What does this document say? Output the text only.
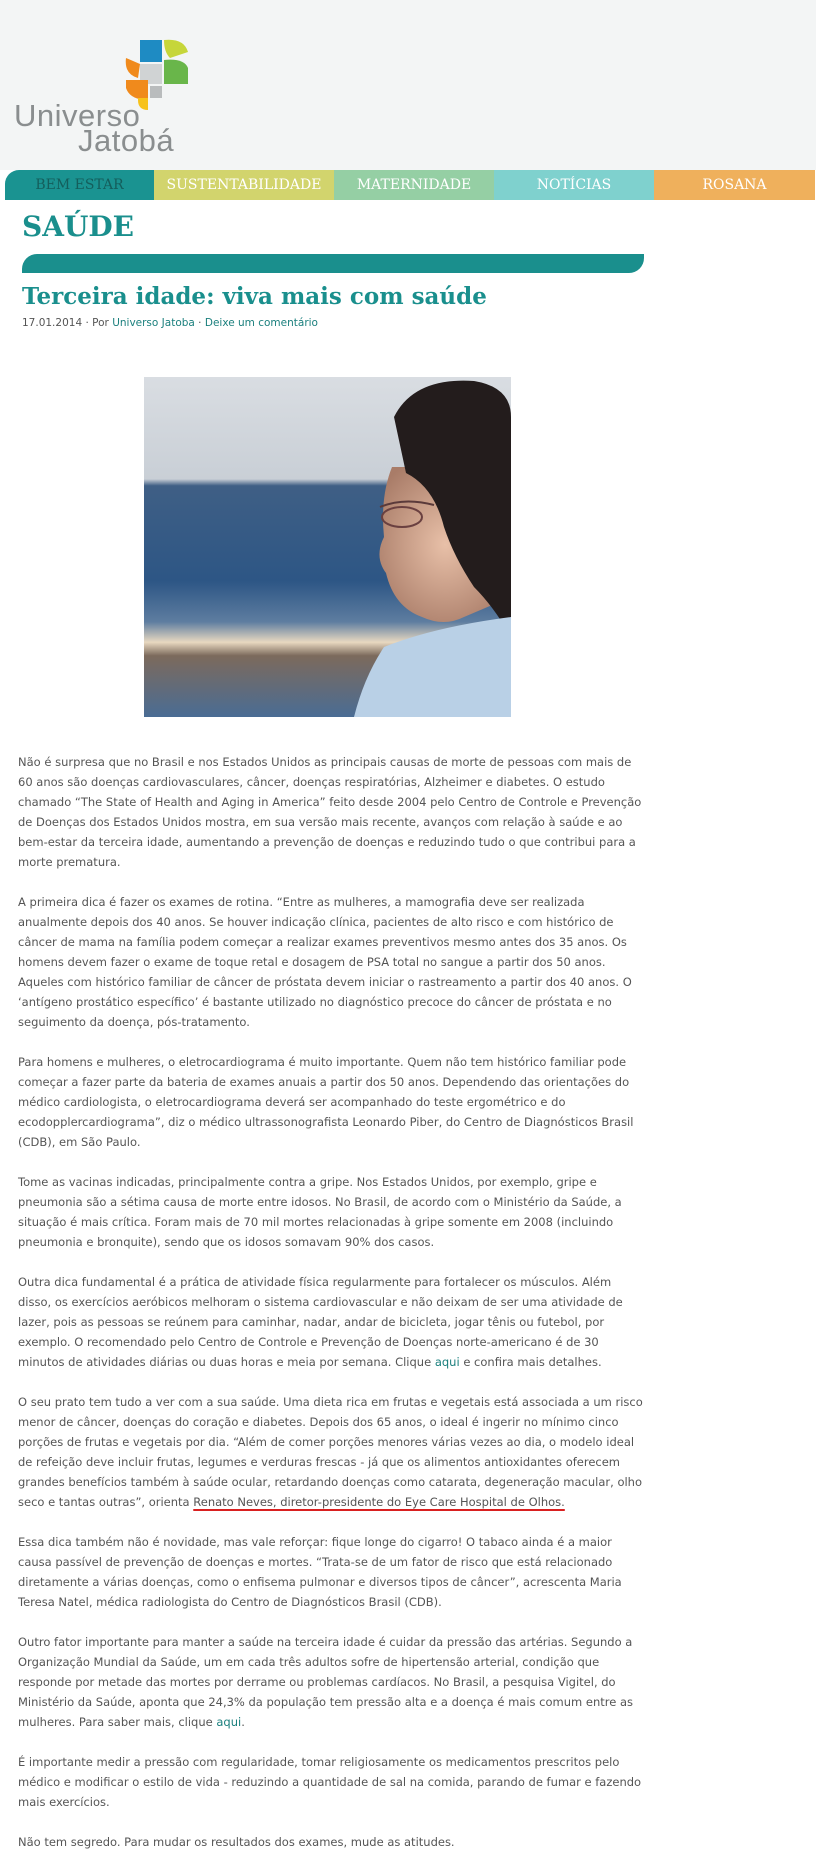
Universo
Jatobá
BEM ESTAR	SUSTENTABILIDADE	MATERNIDADE	NOTÍCIAS	ROSANA
SAÚDE
Terceira idade: viva mais com saúde
17.01.2014 · Por Universo Jatoba · Deixe um comentário

Não é surpresa que no Brasil e nos Estados Unidos as principais causas de morte de pessoas com mais de 60 anos são doenças cardiovasculares, câncer, doenças respiratórias, Alzheimer e diabetes. O estudo chamado “The State of Health and Aging in America” feito desde 2004 pelo Centro de Controle e Prevenção de Doenças dos Estados Unidos mostra, em sua versão mais recente, avanços com relação à saúde e ao bem-estar da terceira idade, aumentando a prevenção de doenças e reduzindo tudo o que contribui para a morte prematura.

A primeira dica é fazer os exames de rotina. “Entre as mulheres, a mamografia deve ser realizada anualmente depois dos 40 anos. Se houver indicação clínica, pacientes de alto risco e com histórico de câncer de mama na família podem começar a realizar exames preventivos mesmo antes dos 35 anos. Os homens devem fazer o exame de toque retal e dosagem de PSA total no sangue a partir dos 50 anos. Aqueles com histórico familiar de câncer de próstata devem iniciar o rastreamento a partir dos 40 anos. O ‘antígeno prostático específico’ é bastante utilizado no diagnóstico precoce do câncer de próstata e no seguimento da doença, pós-tratamento.

Para homens e mulheres, o eletrocardiograma é muito importante. Quem não tem histórico familiar pode começar a fazer parte da bateria de exames anuais a partir dos 50 anos. Dependendo das orientações do médico cardiologista, o eletrocardiograma deverá ser acompanhado do teste ergométrico e do ecodopplercardiograma”, diz o médico ultrassonografista Leonardo Piber, do Centro de Diagnósticos Brasil (CDB), em São Paulo.

Tome as vacinas indicadas, principalmente contra a gripe. Nos Estados Unidos, por exemplo, gripe e pneumonia são a sétima causa de morte entre idosos. No Brasil, de acordo com o Ministério da Saúde, a situação é mais crítica. Foram mais de 70 mil mortes relacionadas à gripe somente em 2008 (incluindo pneumonia e bronquite), sendo que os idosos somavam 90% dos casos.

Outra dica fundamental é a prática de atividade física regularmente para fortalecer os músculos. Além disso, os exercícios aeróbicos melhoram o sistema cardiovascular e não deixam de ser uma atividade de lazer, pois as pessoas se reúnem para caminhar, nadar, andar de bicicleta, jogar tênis ou futebol, por exemplo. O recomendado pelo Centro de Controle e Prevenção de Doenças norte-americano é de 30 minutos de atividades diárias ou duas horas e meia por semana. Clique aqui e confira mais detalhes.

O seu prato tem tudo a ver com a sua saúde. Uma dieta rica em frutas e vegetais está associada a um risco menor de câncer, doenças do coração e diabetes. Depois dos 65 anos, o ideal é ingerir no mínimo cinco porções de frutas e vegetais por dia. “Além de comer porções menores várias vezes ao dia, o modelo ideal de refeição deve incluir frutas, legumes e verduras frescas - já que os alimentos antioxidantes oferecem grandes benefícios também à saúde ocular, retardando doenças como catarata, degeneração macular, olho seco e tantas outras”, orienta Renato Neves, diretor-presidente do Eye Care Hospital de Olhos.

Essa dica também não é novidade, mas vale reforçar: fique longe do cigarro! O tabaco ainda é a maior causa passível de prevenção de doenças e mortes. “Trata-se de um fator de risco que está relacionado diretamente a várias doenças, como o enfisema pulmonar e diversos tipos de câncer”, acrescenta Maria Teresa Natel, médica radiologista do Centro de Diagnósticos Brasil (CDB).

Outro fator importante para manter a saúde na terceira idade é cuidar da pressão das artérias. Segundo a Organização Mundial da Saúde, um em cada três adultos sofre de hipertensão arterial, condição que responde por metade das mortes por derrame ou problemas cardíacos. No Brasil, a pesquisa Vigitel, do Ministério da Saúde, aponta que 24,3% da população tem pressão alta e a doença é mais comum entre as mulheres. Para saber mais, clique aqui.

É importante medir a pressão com regularidade, tomar religiosamente os medicamentos prescritos pelo médico e modificar o estilo de vida - reduzindo a quantidade de sal na comida, parando de fumar e fazendo mais exercícios.

Não tem segredo. Para mudar os resultados dos exames, mude as atitudes.
